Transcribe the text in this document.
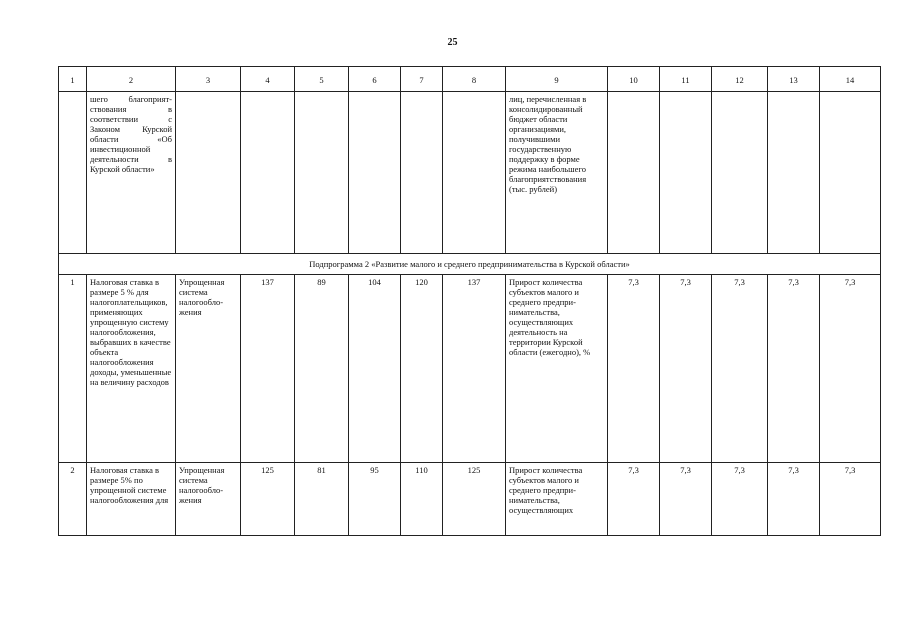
25
1	2	3	4	5	6	7	8	9	10	11	12	13	14
	шего благоприятствования в соответствии с Законом Курской области «Об инвестиционной деятельности в Курской области»							лиц, перечисленная в консолидированный бюджет области организациями, получившими государственную поддержку в форме режима наибольшего благоприятствования (тыс. рублей)					
Подпрограмма 2 «Развитие малого и среднего предпринимательства в Курской области»													
1	Налоговая ставка в размере 5 % для налогоплательщиков, применяющих упрощенную систему налогообложения, выбравших в качестве объекта налогообложения доходы, уменьшенные на величину расходов	Упрощенная система налогообложения	137	89	104	120	137	Прирост количества субъектов малого и среднего предпринимательства, осуществляющих деятельность на территории Курской области (ежегодно), %	7,3	7,3	7,3	7,3	7,3
2	Налоговая ставка в размере 5% по упрощенной системе налогообложения для	Упрощенная система налогообложения	125	81	95	110	125	Прирост количества субъектов малого и среднего предпринимательства, осуществляющих	7,3	7,3	7,3	7,3	7,3
